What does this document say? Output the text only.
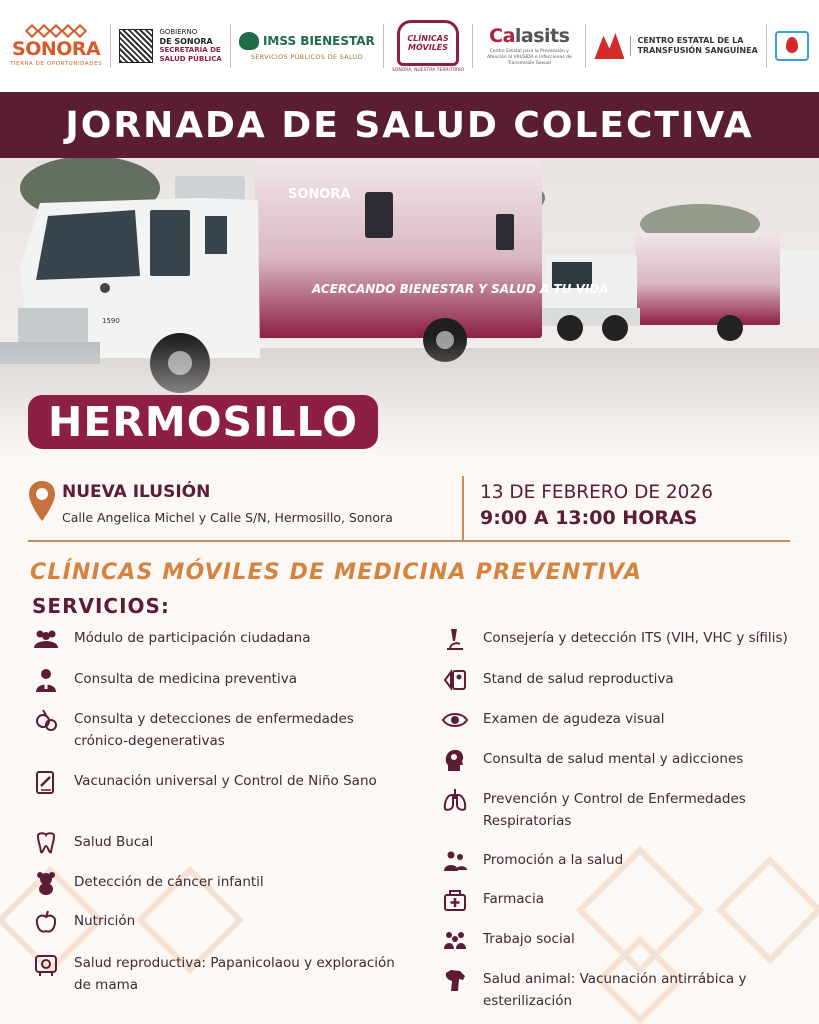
SONORA
TIERRA DE OPORTUNIDADES
GOBIERNO
DE SONORA
SECRETARÍA DE
SALUD PÚBLICA
IMSS BIENESTAR
SERVICIOS PÚBLICOS DE SALUD
CLÍNICAS
MÓVILES
SONORA, NUESTRA TERRITORIO
Calasits
Centro Estatal para la Prevención y Atención al VIH/SIDA e Infecciones de Transmisión Sexual
CENTRO ESTATAL DE LA
TRANSFUSIÓN SANGUÍNEA
JORNADA DE SALUD COLECTIVA
SONORA
ACERCANDO BIENESTAR Y SALUD A TU VIDA
1590
HERMOSILLO
NUEVA ILUSIÓN
Calle Angelica Michel y Calle S/N, Hermosillo, Sonora
13 DE FEBRERO DE 2026
9:00 A 13:00 HORAS
CLÍNICAS MÓVILES DE MEDICINA PREVENTIVA
SERVICIOS:
Módulo de participación ciudadana
Consulta de medicina preventiva
Consulta y detecciones de enfermedades crónico-degenerativas
Vacunación universal y Control de Niño Sano
Salud Bucal
Detección de cáncer infantil
Nutrición
Salud reproductiva: Papanicolaou y exploración de mama
Consejería y detección ITS (VIH, VHC y sífilis)
Stand de salud reproductiva
Examen de agudeza visual
Consulta de salud mental y adicciones
Prevención y Control de Enfermedades Respiratorias
Promoción a la salud
Farmacia
Trabajo social
Salud animal: Vacunación antirrábica y esterilización
